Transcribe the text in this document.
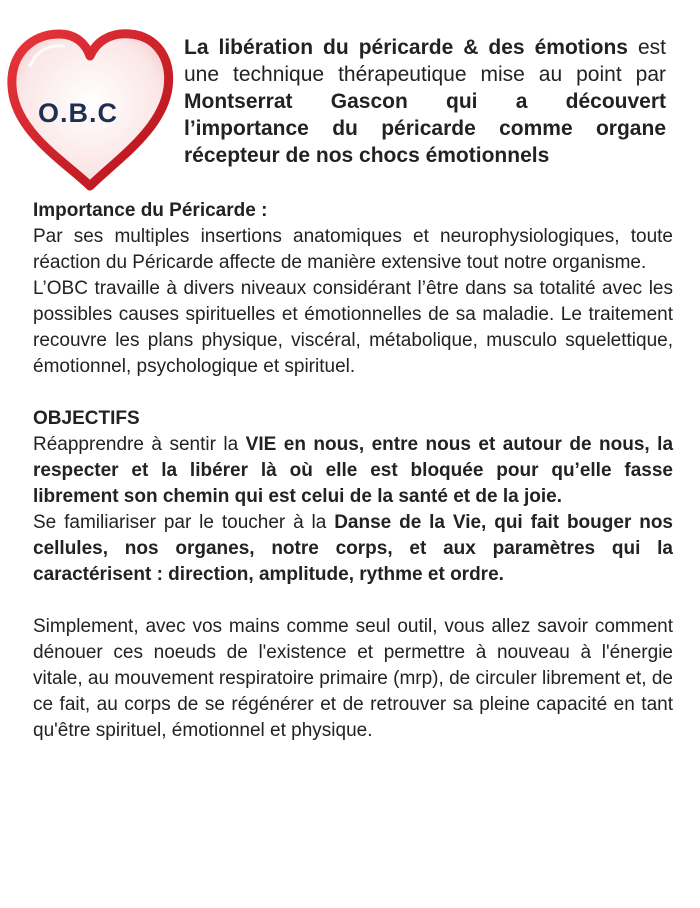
O.B.C
La libération du péricarde & des émotions est une technique thérapeutique mise au point par Montserrat Gascon qui a découvert l’importance du péricarde comme organe récepteur de nos chocs émotionnels

Importance du Péricarde :

Par ses multiples insertions anatomiques et neurophysiologiques, toute réaction du Péricarde affecte de manière extensive tout notre organisme.

L’OBC travaille à divers niveaux considérant l’être dans sa totalité avec les possibles causes spirituelles et émotionnelles de sa maladie. Le traitement recouvre les plans physique, viscéral, métabolique, musculo squelettique, émotionnel, psychologique et spirituel.

OBJECTIFS

Réapprendre à sentir la VIE en nous, entre nous et autour de nous, la respecter et la libérer là où elle est bloquée pour qu’elle fasse librement son chemin qui est celui de la santé et de la joie.

Se familiariser par le toucher à la Danse de la Vie, qui fait bouger nos cellules, nos organes, notre corps, et aux paramètres qui la caractérisent : direction, amplitude, rythme et ordre.

Simplement, avec vos mains comme seul outil, vous allez savoir comment dénouer ces noeuds de l'existence et permettre à nouveau à l'énergie vitale, au mouvement respiratoire primaire (mrp), de circuler librement et, de ce fait, au corps de se régénérer et de retrouver sa pleine capacité en tant qu'être spirituel, émotionnel et physique.
